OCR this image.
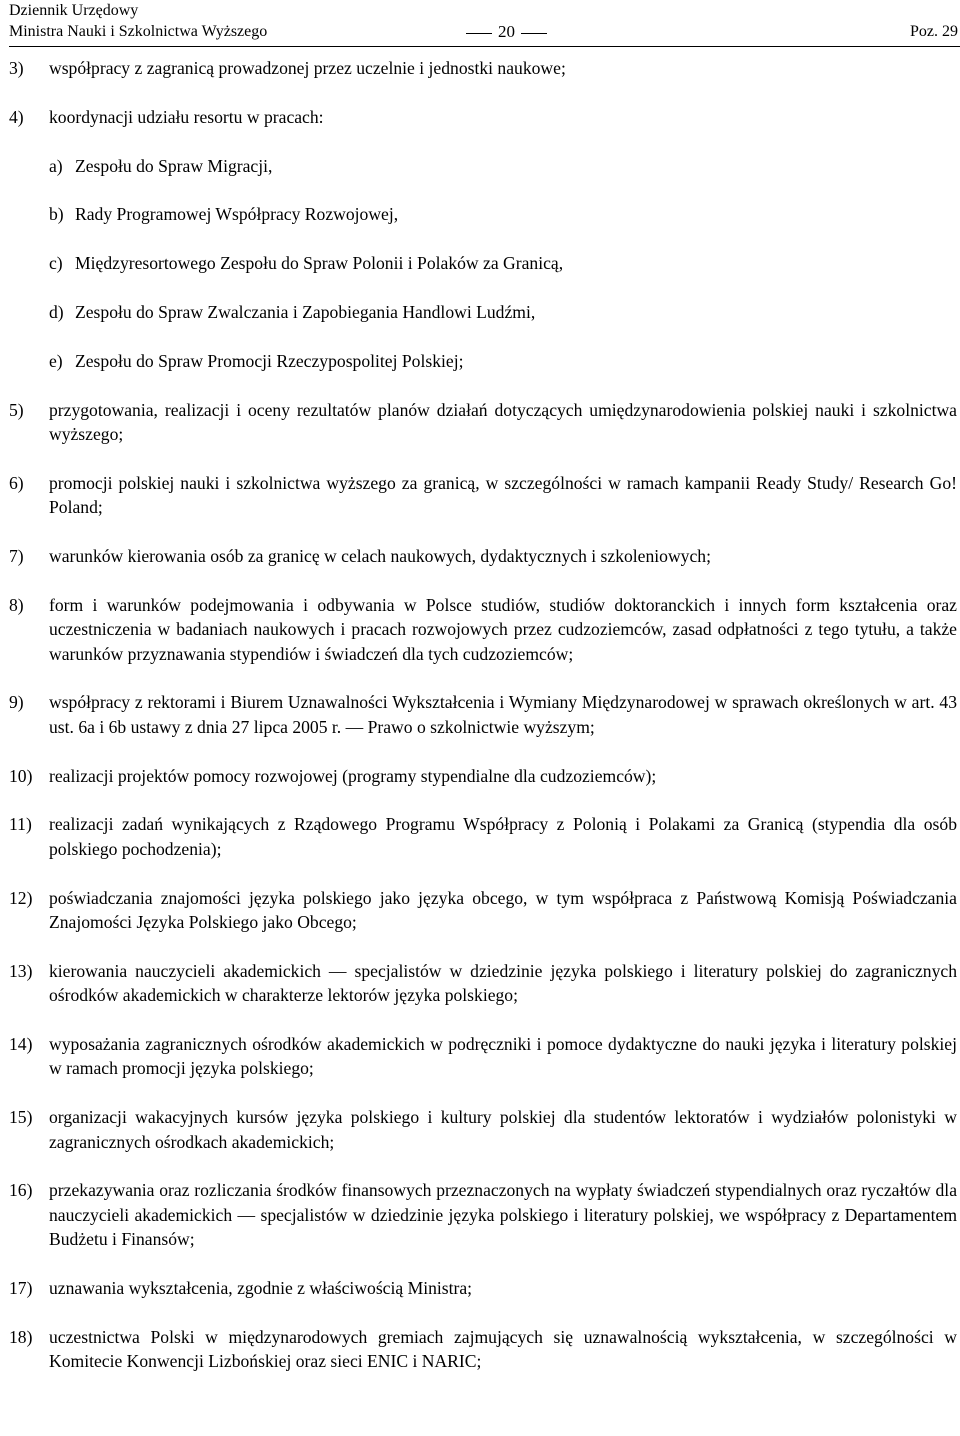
Dziennik Urzędowy
Ministra Nauki i Szkolnictwa Wyższego	20	Poz. 29
3) współpracy z zagranicą prowadzonej przez uczelnie i jednostki naukowe;
4) koordynacji udziału resortu w pracach:
a) Zespołu do Spraw Migracji,
b) Rady Programowej Współpracy Rozwojowej,
c) Międzyresortowego Zespołu do Spraw Polonii i Polaków za Granicą,
d) Zespołu do Spraw Zwalczania i Zapobiegania Handlowi Ludźmi,
e) Zespołu do Spraw Promocji Rzeczypospolitej Polskiej;
5) przygotowania, realizacji i oceny rezultatów planów działań dotyczących umiędzynarodowienia polskiej nauki i szkolnictwa wyższego;
6) promocji polskiej nauki i szkolnictwa wyższego za granicą, w szczególności w ramach kampanii Ready Study/ Research Go! Poland;
7) warunków kierowania osób za granicę w celach naukowych, dydaktycznych i szkoleniowych;
8) form i warunków podejmowania i odbywania w Polsce studiów, studiów doktoranckich i innych form kształcenia oraz uczestniczenia w badaniach naukowych i pracach rozwojowych przez cudzoziemców, zasad odpłatności z tego tytułu, a także warunków przyznawania stypendiów i świadczeń dla tych cudzoziemców;
9) współpracy z rektorami i Biurem Uznawalności Wykształcenia i Wymiany Międzynarodowej w sprawach określonych w art. 43 ust. 6a i 6b ustawy z dnia 27 lipca 2005 r. ― Prawo o szkolnictwie wyższym;
10) realizacji projektów pomocy rozwojowej (programy stypendialne dla cudzoziemców);
11) realizacji zadań wynikających z Rządowego Programu Współpracy z Polonią i Polakami za Granicą (stypendia dla osób polskiego pochodzenia);
12) poświadczania znajomości języka polskiego jako języka obcego, w tym współpraca z Państwową Komisją Poświadczania Znajomości Języka Polskiego jako Obcego;
13) kierowania nauczycieli akademickich ― specjalistów w dziedzinie języka polskiego i literatury polskiej do zagranicznych ośrodków akademickich w charakterze lektorów języka polskiego;
14) wyposażania zagranicznych ośrodków akademickich w podręczniki i pomoce dydaktyczne do nauki języka i literatury polskiej w ramach promocji języka polskiego;
15) organizacji wakacyjnych kursów języka polskiego i kultury polskiej dla studentów lektoratów i wydziałów polonistyki w zagranicznych ośrodkach akademickich;
16) przekazywania oraz rozliczania środków finansowych przeznaczonych na wypłaty świadczeń stypendialnych oraz ryczałtów dla nauczycieli akademickich ― specjalistów w dziedzinie języka polskiego i literatury polskiej, we współpracy z Departamentem Budżetu i Finansów;
17) uznawania wykształcenia, zgodnie z właściwością Ministra;
18) uczestnictwa Polski w międzynarodowych gremiach zajmujących się uznawalnością wykształcenia, w szczególności w Komitecie Konwencji Lizbońskiej oraz sieci ENIC i NARIC;
